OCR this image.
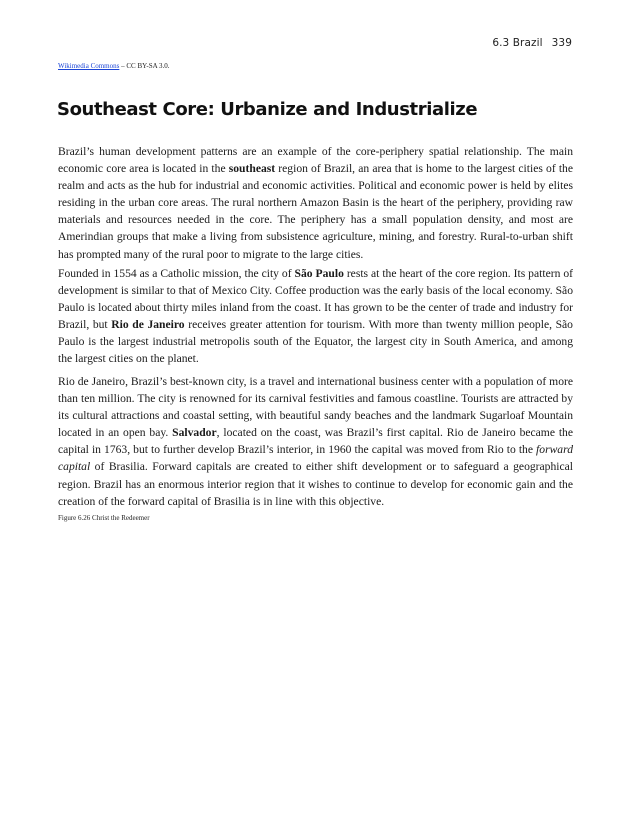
6.3 Brazil 339
Wikimedia Commons – CC BY-SA 3.0.
Southeast Core: Urbanize and Industrialize

Brazil’s human development patterns are an example of the core-periphery spatial relationship. The main economic core area is located in the southeast region of Brazil, an area that is home to the largest cities of the realm and acts as the hub for industrial and economic activities. Political and economic power is held by elites residing in the urban core areas. The rural northern Amazon Basin is the heart of the periphery, providing raw materials and resources needed in the core. The periphery has a small population density, and most are Amerindian groups that make a living from subsistence agriculture, mining, and forestry. Rural-to-urban shift has prompted many of the rural poor to migrate to the large cities.

Founded in 1554 as a Catholic mission, the city of São Paulo rests at the heart of the core region. Its pattern of development is similar to that of Mexico City. Coffee production was the early basis of the local economy. São Paulo is located about thirty miles inland from the coast. It has grown to be the center of trade and industry for Brazil, but Rio de Janeiro receives greater attention for tourism. With more than twenty million people, São Paulo is the largest industrial metropolis south of the Equator, the largest city in South America, and among the largest cities on the planet.

Rio de Janeiro, Brazil’s best-known city, is a travel and international business center with a population of more than ten million. The city is renowned for its carnival festivities and famous coastline. Tourists are attracted by its cultural attractions and coastal setting, with beautiful sandy beaches and the landmark Sugarloaf Mountain located in an open bay. Salvador, located on the coast, was Brazil’s first capital. Rio de Janeiro became the capital in 1763, but to further develop Brazil’s interior, in 1960 the capital was moved from Rio to the forward capital of Brasilia. Forward capitals are created to either shift development or to safeguard a geographical region. Brazil has an enormous interior region that it wishes to continue to develop for economic gain and the creation of the forward capital of Brasilia is in line with this objective.

Figure 6.26 Christ the Redeemer
